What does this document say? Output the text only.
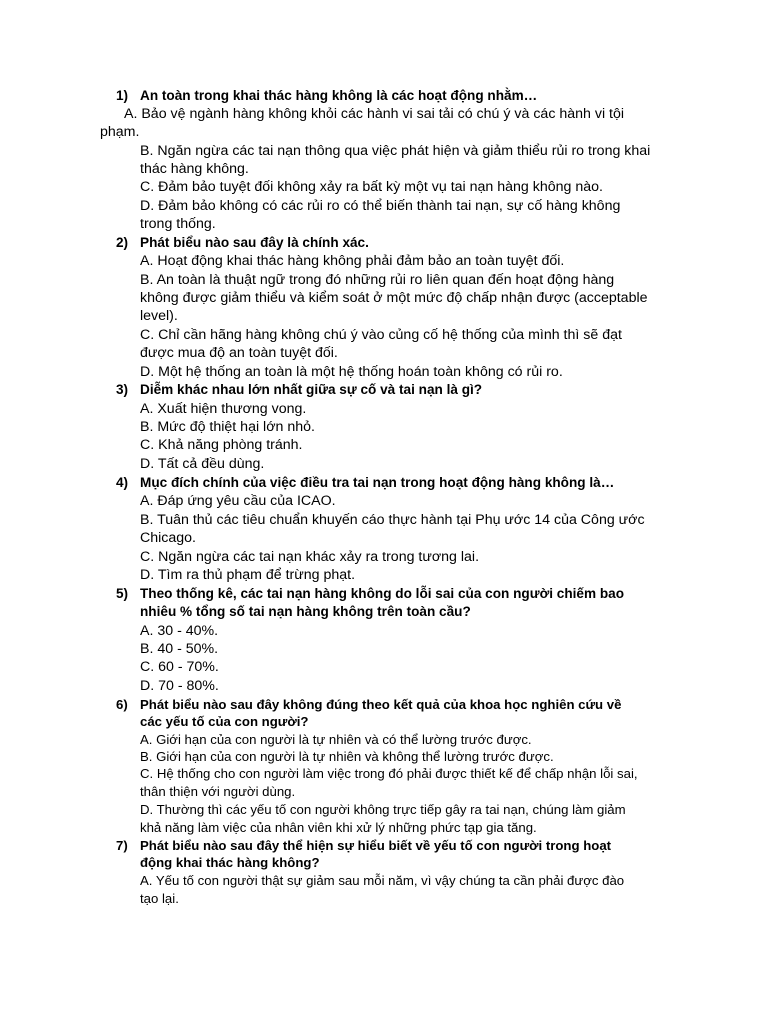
1) An toàn trong khai thác hàng không là các hoạt động nhằm…
A. Bảo vệ ngành hàng không khỏi các hành vi sai tải có chú ý và các hành vi tội
phạm.
B. Ngăn ngừa các tai nạn thông qua việc phát hiện và giảm thiểu rủi ro trong khai
thác hàng không.
C. Đảm bảo tuyệt đối không xảy ra bất kỳ một vụ tai nạn hàng không nào.
D. Đảm bảo không có các rủi ro có thể biến thành tai nạn, sự cố hàng không
trong thống.
2) Phát biểu nào sau đây là chính xác.
A. Hoạt động khai thác hàng không phải đảm bảo an toàn tuyệt đối.
B. An toàn là thuật ngữ trong đó những rủi ro liên quan đến hoạt động hàng
không được giảm thiểu và kiểm soát ở một mức độ chấp nhận được (acceptable
level).
C. Chỉ cần hãng hàng không chú ý vào củng cố hệ thống của mình thì sẽ đạt
được mua độ an toàn tuyệt đối.
D. Một hệ thống an toàn là một hệ thống hoán toàn không có rủi ro.
3) Diễm khác nhau lớn nhất giữa sự cố và tai nạn là gì?
A. Xuất hiện thương vong.
B. Mức độ thiệt hại lớn nhỏ.
C. Khả năng phòng tránh.
D. Tất cả đều dùng.
4) Mục đích chính của việc điều tra tai nạn trong hoạt động hàng không là…
A. Đáp ứng yêu cầu của ICAO.
B. Tuân thủ các tiêu chuẩn khuyến cáo thực hành tại Phụ ước 14 của Công ước
Chicago.
C. Ngăn ngừa các tai nạn khác xảy ra trong tương lai.
D. Tìm ra thủ phạm để trừng phạt.
5) Theo thống kê, các tai nạn hàng không do lỗi sai của con người chiếm bao
nhiêu % tổng số tai nạn hàng không trên toàn cầu?
A. 30 - 40%.
B. 40 - 50%.
C. 60 - 70%.
D. 70 - 80%.
6) Phát biểu nào sau đây không đúng theo kết quả của khoa học nghiên cứu về
các yếu tố của con người?
A. Giới hạn của con người là tự nhiên và có thể lường trước được.
B. Giới hạn của con người là tự nhiên và không thể lường trước được.
C. Hệ thống cho con người làm việc trong đó phải được thiết kế để chấp nhận lỗi sai,
thân thiện với người dùng.
D. Thường thì các yếu tố con người không trực tiếp gây ra tai nạn, chúng làm giảm
khả năng làm việc của nhân viên khi xử lý những phức tạp gia tăng.
7) Phát biểu nào sau đây thể hiện sự hiểu biết về yếu tố con người trong hoạt
động khai thác hàng không?
A. Yếu tố con người thật sự giảm sau mỗi năm, vì vậy chúng ta cần phải được đào
tạo lại.
